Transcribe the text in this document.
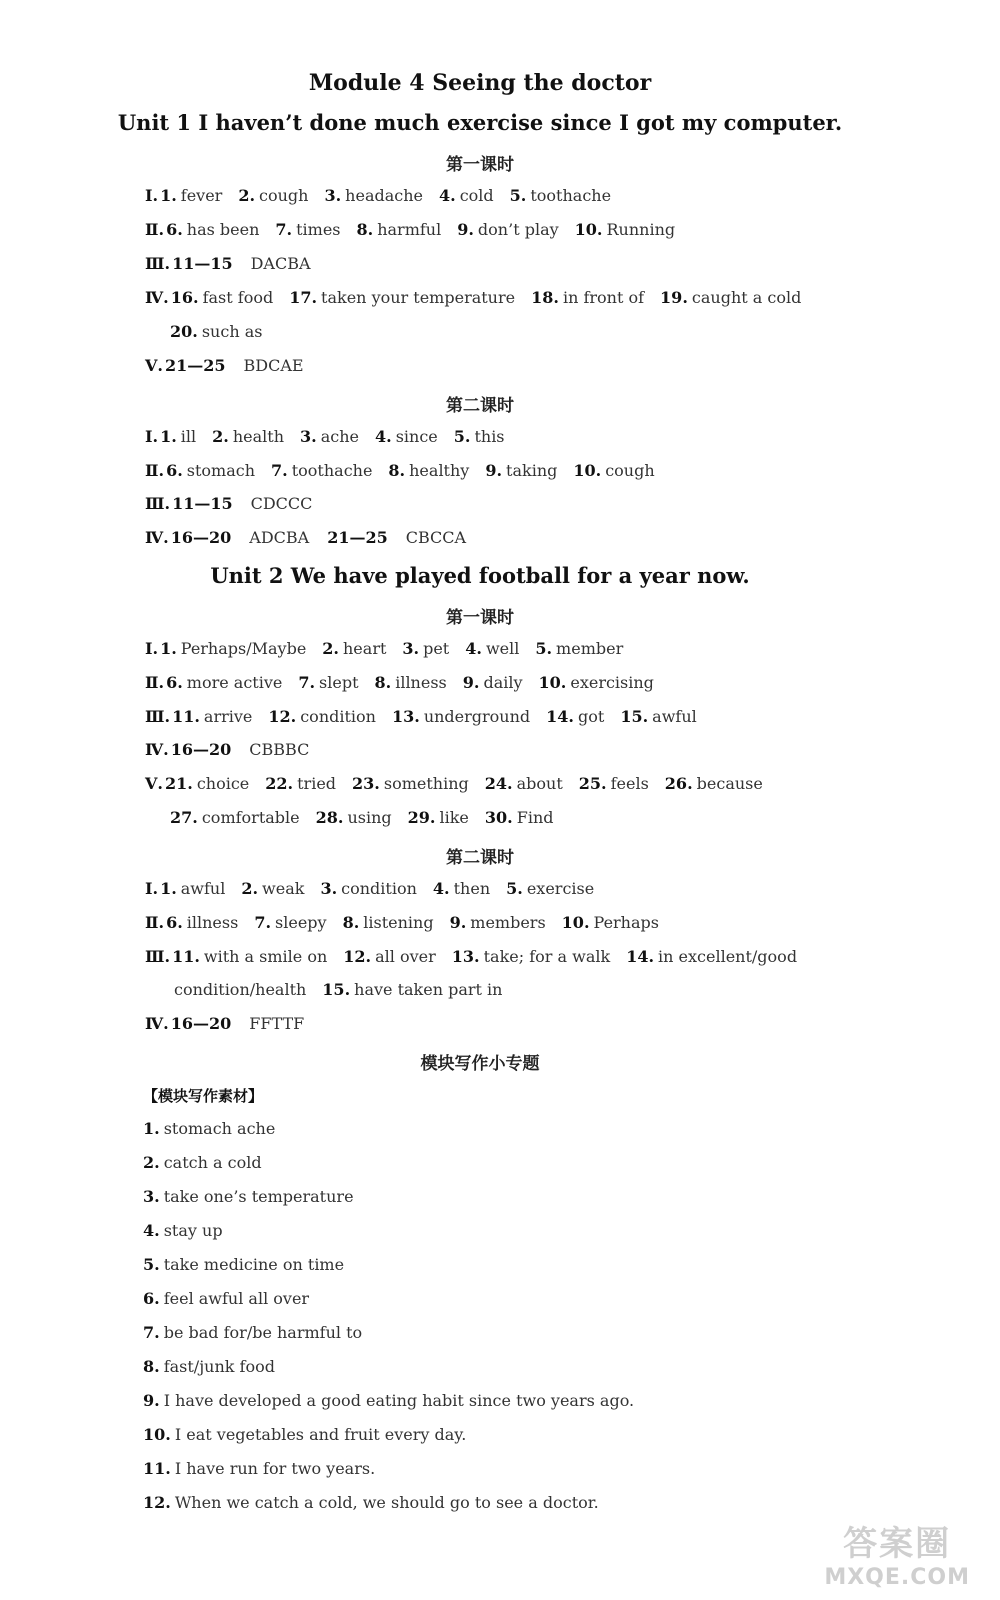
Module 4 Seeing the doctor
Unit 1 I haven’t done much exercise since I got my computer.
第一课时
Ⅰ. 1. fever 2. cough 3. headache 4. cold 5. toothache
Ⅱ. 6. has been 7. times 8. harmful 9. don’t play 10. Running
Ⅲ. 11—15 DACBA
Ⅳ. 16. fast food 17. taken your temperature 18. in front of 19. caught a cold
20. such as
Ⅴ. 21—25 BDCAE
第二课时
Ⅰ. 1. ill 2. health 3. ache 4. since 5. this
Ⅱ. 6. stomach 7. toothache 8. healthy 9. taking 10. cough
Ⅲ. 11—15 CDCCC
Ⅳ. 16—20 ADCBA 21—25 CBCCA
Unit 2 We have played football for a year now.
第一课时
Ⅰ. 1. Perhaps/Maybe 2. heart 3. pet 4. well 5. member
Ⅱ. 6. more active 7. slept 8. illness 9. daily 10. exercising
Ⅲ. 11. arrive 12. condition 13. underground 14. got 15. awful
Ⅳ. 16—20 CBBBC
Ⅴ. 21. choice 22. tried 23. something 24. about 25. feels 26. because
27. comfortable 28. using 29. like 30. Find
第二课时
Ⅰ. 1. awful 2. weak 3. condition 4. then 5. exercise
Ⅱ. 6. illness 7. sleepy 8. listening 9. members 10. Perhaps
Ⅲ. 11. with a smile on 12. all over 13. take; for a walk 14. in excellent/good
condition/health 15. have taken part in
Ⅳ. 16—20 FFTTF
模块写作小专题
【模块写作素材】
1. stomach ache
2. catch a cold
3. take one’s temperature
4. stay up
5. take medicine on time
6. feel awful all over
7. be bad for/be harmful to
8. fast/junk food
9. I have developed a good eating habit since two years ago.
10. I eat vegetables and fruit every day.
11. I have run for two years.
12. When we catch a cold, we should go to see a doctor.
答案圈
MXQE.COM
